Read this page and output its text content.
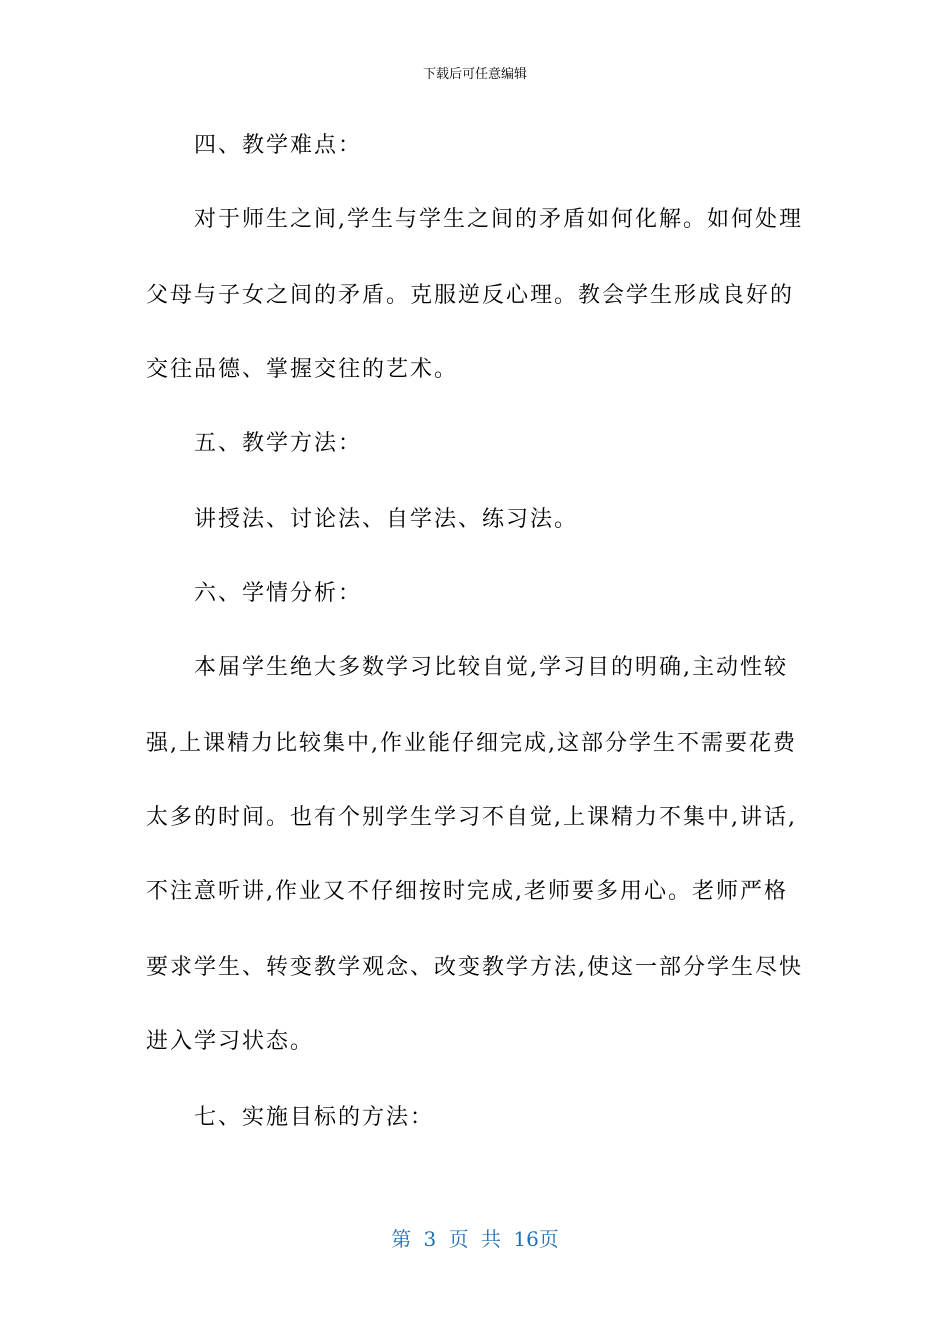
下载后可任意编辑
四、教学难点：
对于师生之间,学生与学生之间的矛盾如何化解。如何处理
父母与子女之间的矛盾。克服逆反心理。教会学生形成良好的
交往品德、掌握交往的艺术。
五、教学方法：
讲授法、讨论法、自学法、练习法。
六、学情分析：
本届学生绝大多数学习比较自觉,学习目的明确,主动性较
强,上课精力比较集中,作业能仔细完成,这部分学生不需要花费
太多的时间。也有个别学生学习不自觉,上课精力不集中,讲话,
不注意听讲,作业又不仔细按时完成,老师要多用心。老师严格
要求学生、转变教学观念、改变教学方法,使这一部分学生尽快
进入学习状态。
七、实施目标的方法：
第 3 页 共 16页
